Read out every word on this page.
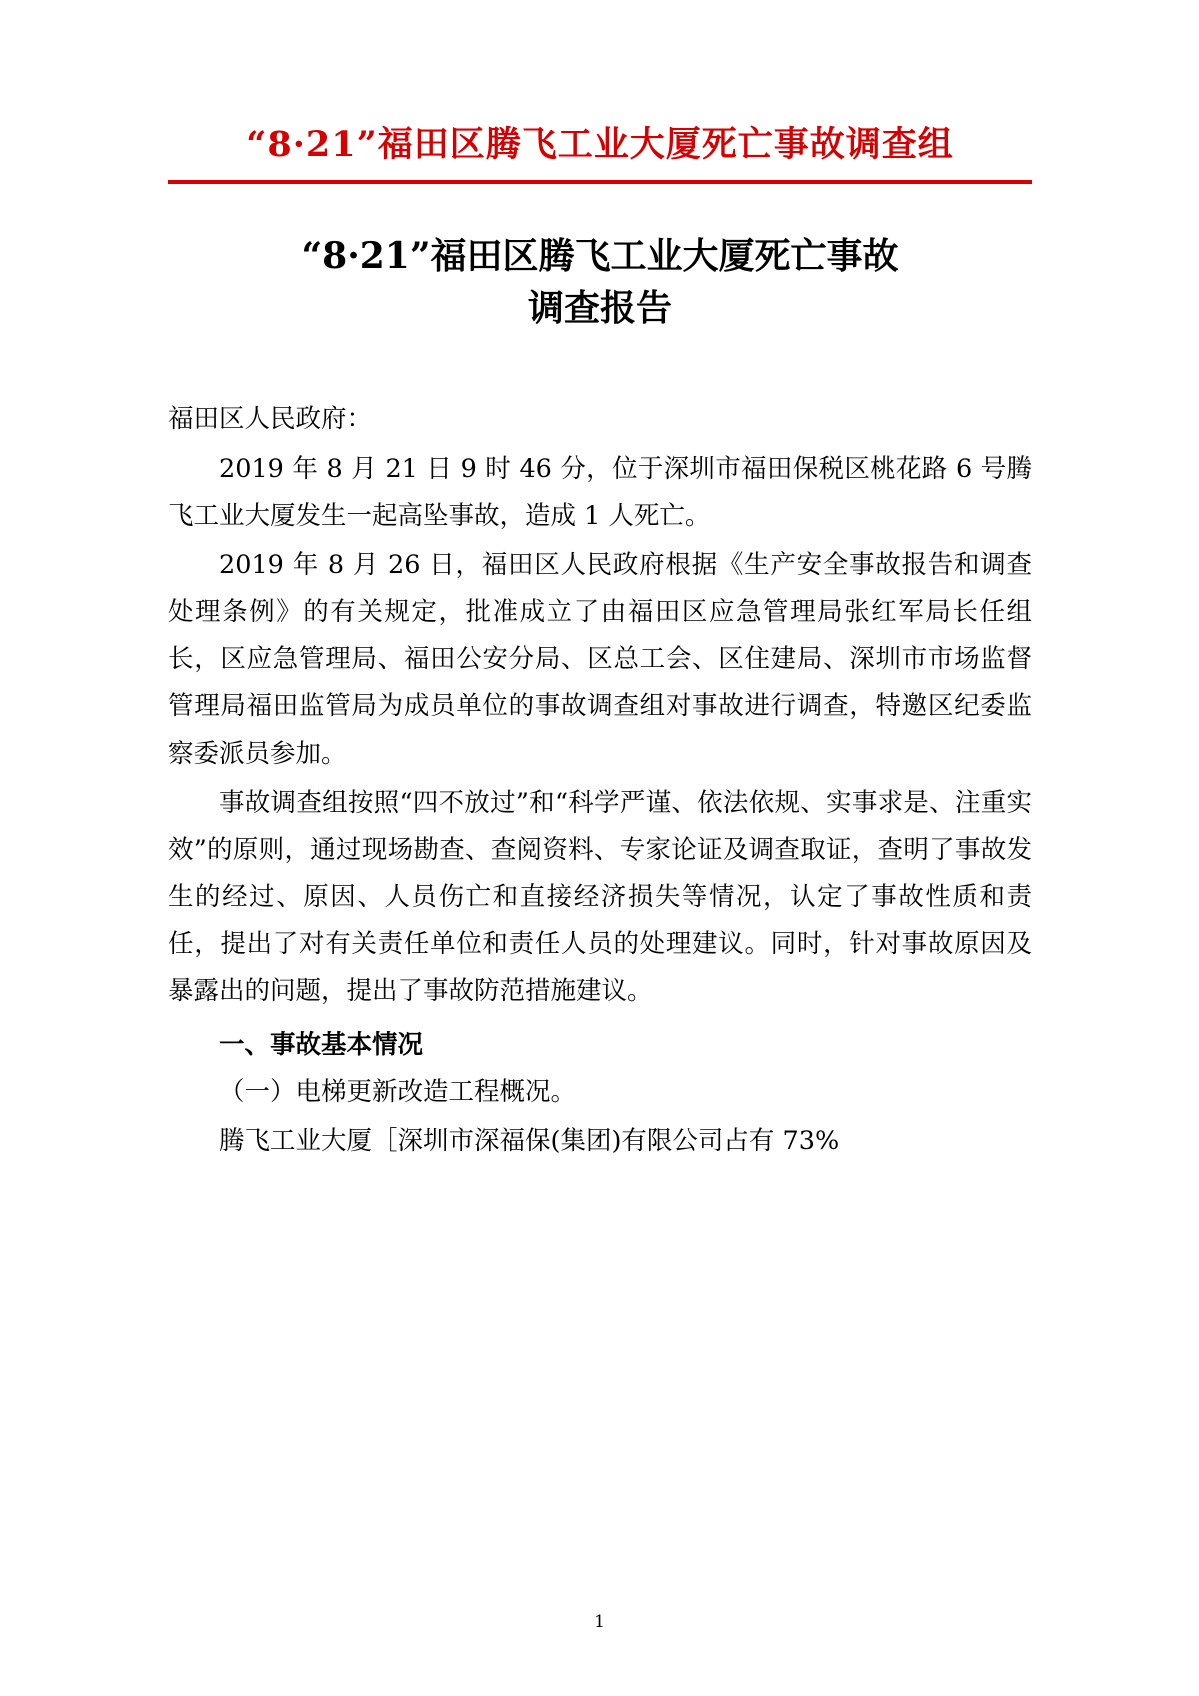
“8·21”福田区腾飞工业大厦死亡事故调查组
“8·21”福田区腾飞工业大厦死亡事故
调查报告

福田区人民政府：

2019 年 8 月 21 日 9 时 46 分，位于深圳市福田保税区桃花路 6 号腾飞工业大厦发生一起高坠事故，造成 1 人死亡。

2019 年 8 月 26 日，福田区人民政府根据《生产安全事故报告和调查处理条例》的有关规定，批准成立了由福田区应急管理局张红军局长任组长，区应急管理局、福田公安分局、区总工会、区住建局、深圳市市场监督管理局福田监管局为成员单位的事故调查组对事故进行调查，特邀区纪委监察委派员参加。

事故调查组按照“四不放过”和“科学严谨、依法依规、实事求是、注重实效”的原则，通过现场勘查、查阅资料、专家论证及调查取证，查明了事故发生的经过、原因、人员伤亡和直接经济损失等情况，认定了事故性质和责任，提出了对有关责任单位和责任人员的处理建议。同时，针对事故原因及暴露出的问题，提出了事故防范措施建议。

一、事故基本情况

（一）电梯更新改造工程概况。

腾飞工业大厦［深圳市深福保(集团)有限公司占有 73%

1
